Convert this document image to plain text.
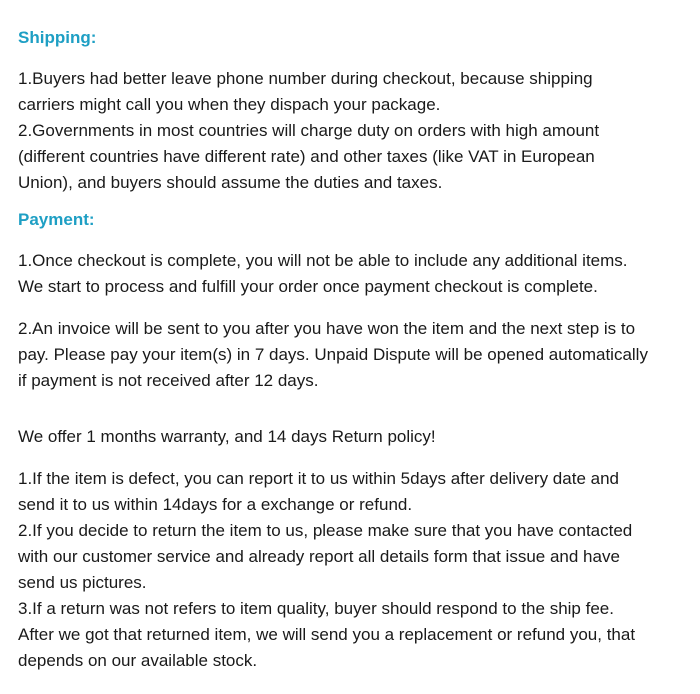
Shipping:

1.Buyers had better leave phone number during checkout, because shipping
carriers might call you when they dispach your package.
2.Governments in most countries will charge duty on orders with high amount
(different countries have different rate) and other taxes (like VAT in European
Union), and buyers should assume the duties and taxes.

Payment:

1.Once checkout is complete, you will not be able to include any additional items.
We start to process and fulfill your order once payment checkout is complete.

2.An invoice will be sent to you after you have won the item and the next step is to
pay. Please pay your item(s) in 7 days. Unpaid Dispute will be opened automatically
if payment is not received after 12 days.

We offer 1 months warranty, and 14 days Return policy!

1.If the item is defect, you can report it to us within 5days after delivery date and
send it to us within 14days for a exchange or refund.
2.If you decide to return the item to us, please make sure that you have contacted
with our customer service and already report all details form that issue and have
send us pictures.
3.If a return was not refers to item quality, buyer should respond to the ship fee.
After we got that returned item, we will send you a replacement or refund you, that
depends on our available stock.
